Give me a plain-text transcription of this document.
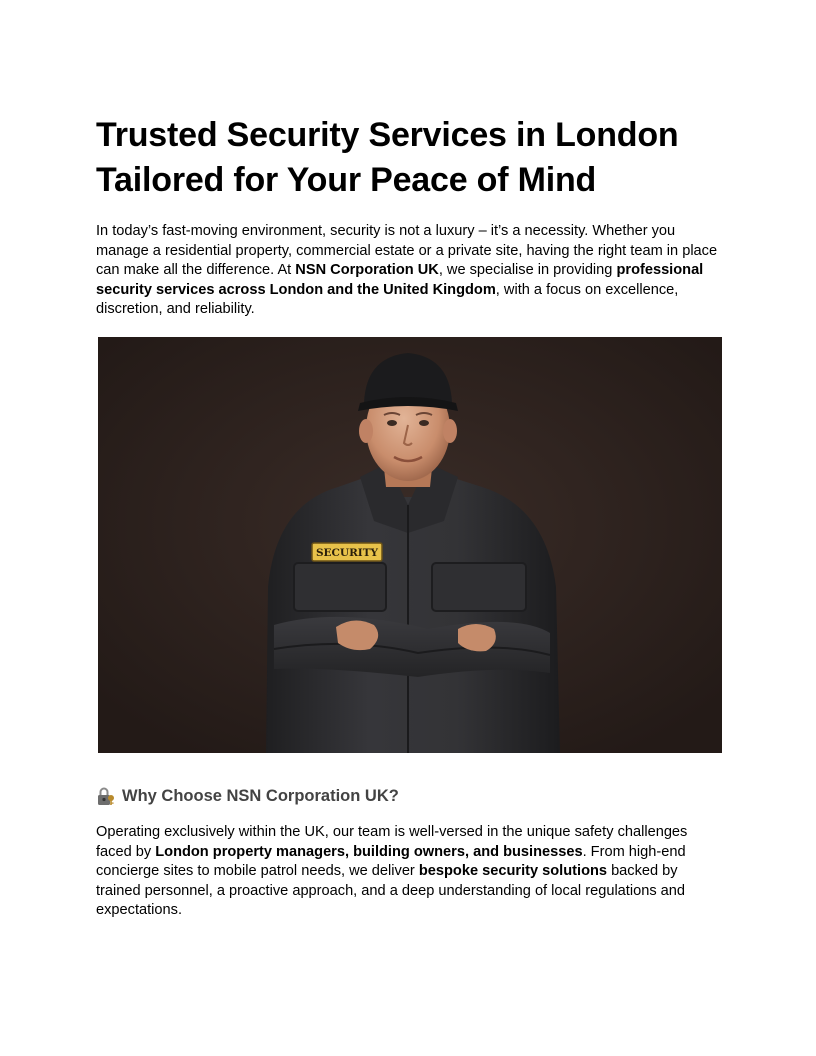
Trusted Security Services in London
Tailored for Your Peace of Mind

In today’s fast-moving environment, security is not a luxury – it’s a necessity. Whether you manage a residential property, commercial estate or a private site, having the right team in place can make all the difference. At NSN Corporation UK, we specialise in providing professional security services across London and the United Kingdom, with a focus on excellence, discretion, and reliability.

SECURITY
Why Choose NSN Corporation UK?

Operating exclusively within the UK, our team is well-versed in the unique safety challenges faced by London property managers, building owners, and businesses. From high-end concierge sites to mobile patrol needs, we deliver bespoke security solutions backed by trained personnel, a proactive approach, and a deep understanding of local regulations and expectations.
